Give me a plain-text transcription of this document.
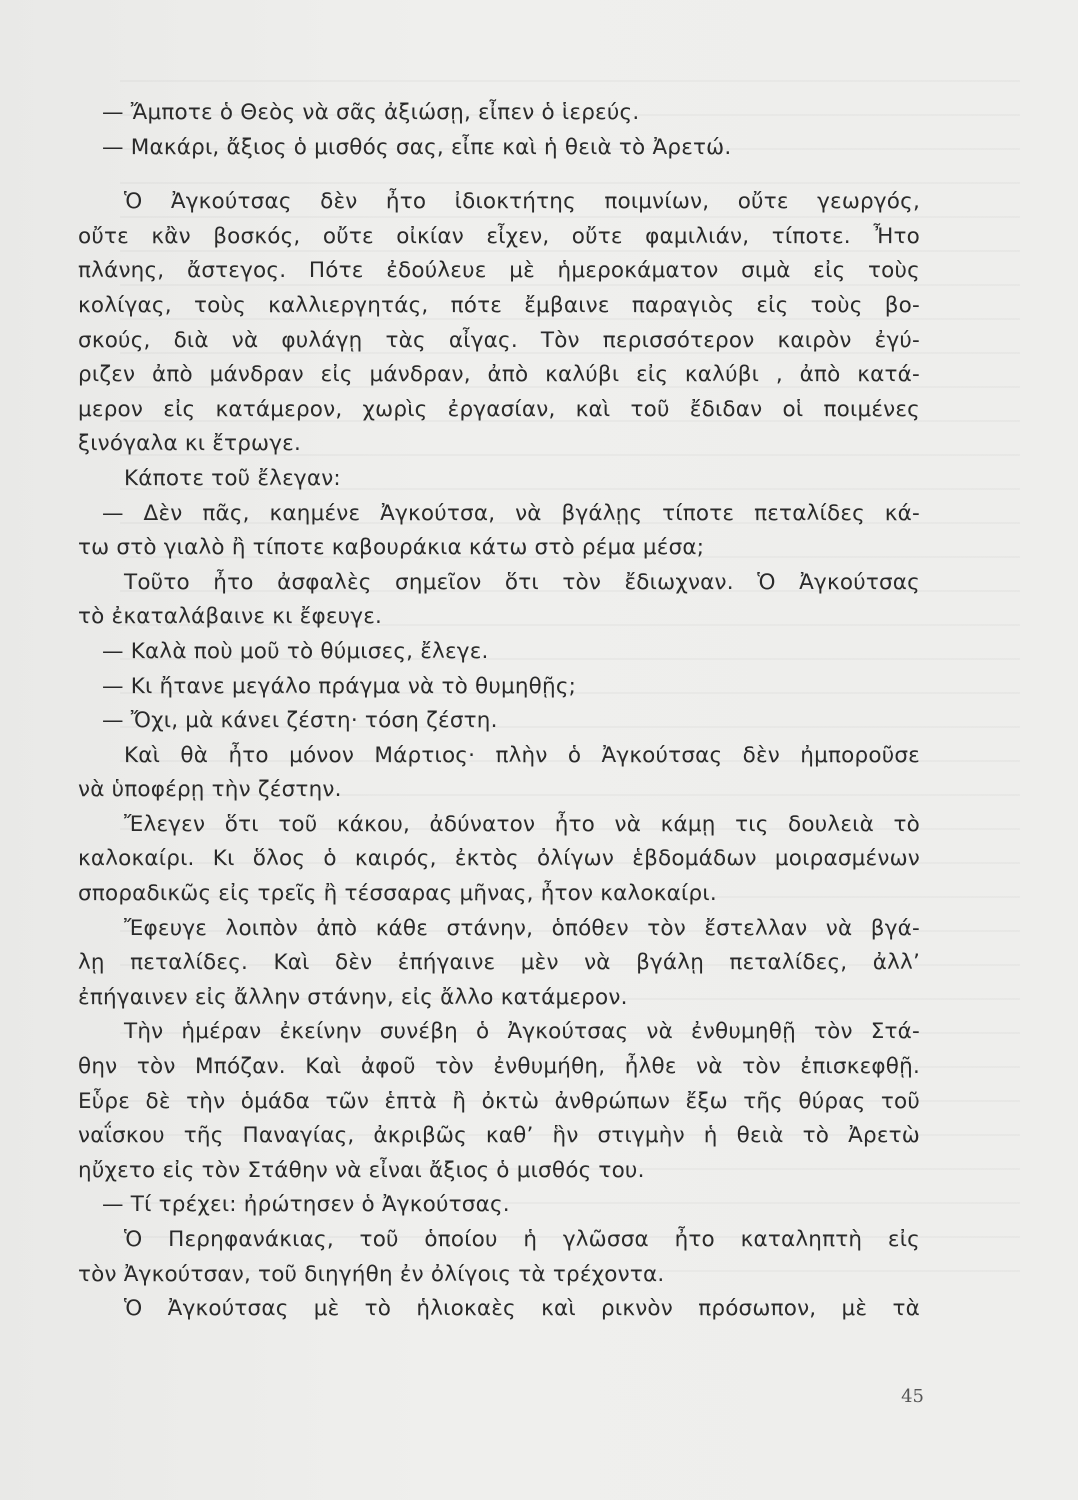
— Ἄμποτε ὁ Θεὸς νὰ σᾶς ἀξιώσῃ, εἶπεν ὁ ἱερεύς.
— Μακάρι, ἄξιος ὁ μισθός σας, εἶπε καὶ ἡ θειὰ τὸ Ἀρετώ.
Ὁ Ἀγκούτσας δὲν ἦτο ἰδιοκτήτης ποιμνίων, οὔτε γεωργός,
οὔτε κἂν βοσκός, οὔτε οἰκίαν εἶχεν, οὔτε φαμιλιάν, τίποτε. Ἦτο
πλάνης, ἄστεγος. Πότε ἐδούλευε μὲ ἡμεροκάματον σιμὰ εἰς τοὺς
κολίγας, τοὺς καλλιεργητάς, πότε ἔμβαινε παραγιὸς εἰς τοὺς βο-
σκούς, διὰ νὰ φυλάγῃ τὰς αἶγας. Τὸν περισσότερον καιρὸν ἐγύ-
ριζεν ἀπὸ μάνδραν εἰς μάνδραν, ἀπὸ καλύβι εἰς καλύβι , ἀπὸ κατά-
μερον εἰς κατάμερον, χωρὶς ἐργασίαν, καὶ τοῦ ἔδιδαν οἱ ποιμένες
ξινόγαλα κι ἔτρωγε.
Κάποτε τοῦ ἔλεγαν:
— Δὲν πᾶς, καημένε Ἀγκούτσα, νὰ βγάλῃς τίποτε πεταλίδες κά-
τω στὸ γιαλὸ ἢ τίποτε καβουράκια κάτω στὸ ρέμα μέσα;
Τοῦτο ἦτο ἀσφαλὲς σημεῖον ὅτι τὸν ἔδιωχναν. Ὁ Ἀγκούτσας
τὸ ἐκαταλάβαινε κι ἔφευγε.
— Καλὰ ποὺ μοῦ τὸ θύμισες, ἔλεγε.
— Κι ἤτανε μεγάλο πράγμα νὰ τὸ θυμηθῇς;
— Ὄχι, μὰ κάνει ζέστη· τόση ζέστη.
Καὶ θὰ ἦτο μόνον Μάρτιος· πλὴν ὁ Ἀγκούτσας δὲν ἠμποροῦσε
νὰ ὑποφέρῃ τὴν ζέστην.
Ἔλεγεν ὅτι τοῦ κάκου, ἀδύνατον ἦτο νὰ κάμῃ τις δουλειὰ τὸ
καλοκαίρι. Κι ὅλος ὁ καιρός, ἐκτὸς ὀλίγων ἑβδομάδων μοιρασμένων
σποραδικῶς εἰς τρεῖς ἢ τέσσαρας μῆνας, ἦτον καλοκαίρι.
Ἔφευγε λοιπὸν ἀπὸ κάθε στάνην, ὁπόθεν τὸν ἔστελλαν νὰ βγά-
λῃ πεταλίδες. Καὶ δὲν ἐπήγαινε μὲν νὰ βγάλῃ πεταλίδες, ἀλλ’
ἐπήγαινεν εἰς ἄλλην στάνην, εἰς ἄλλο κατάμερον.
Τὴν ἡμέραν ἐκείνην συνέβη ὁ Ἀγκούτσας νὰ ἐνθυμηθῇ τὸν Στά-
θην τὸν Μπόζαν. Καὶ ἀφοῦ τὸν ἐνθυμήθη, ἦλθε νὰ τὸν ἐπισκεφθῇ.
Εὗρε δὲ τὴν ὁμάδα τῶν ἑπτὰ ἢ ὀκτὼ ἀνθρώπων ἔξω τῆς θύρας τοῦ
ναΐσκου τῆς Παναγίας, ἀκριβῶς καθ’ ἣν στιγμὴν ἡ θειὰ τὸ Ἀρετὼ
ηὔχετο εἰς τὸν Στάθην νὰ εἶναι ἄξιος ὁ μισθός του.
— Τί τρέχει: ἠρώτησεν ὁ Ἀγκούτσας.
Ὁ Περηφανάκιας, τοῦ ὁποίου ἡ γλῶσσα ἦτο καταληπτὴ εἰς
τὸν Ἀγκούτσαν, τοῦ διηγήθη ἐν ὀλίγοις τὰ τρέχοντα.
Ὁ Ἀγκούτσας μὲ τὸ ἡλιοκαὲς καὶ ρικνὸν πρόσωπον, μὲ τὰ
45
